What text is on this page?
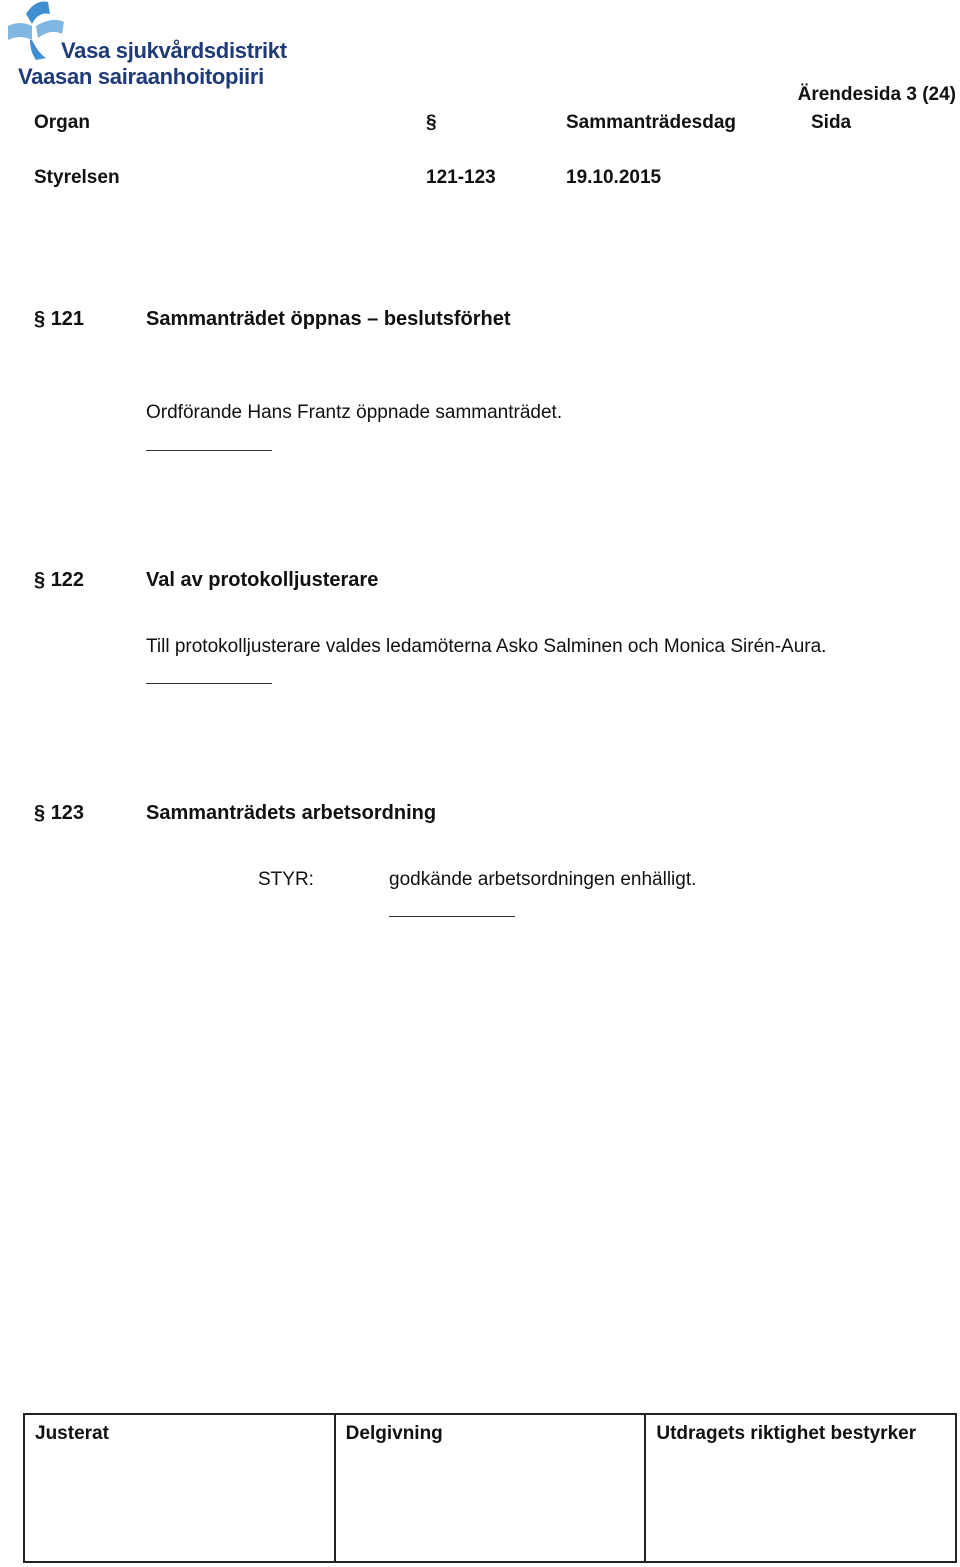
Vasa sjukvårdsdistrikt
Vaasan sairaanhoitopiiri
Ärendesida 3 (24)
Organ	§	Sammanträdesdag	Sida
Styrelsen	121-123	19.10.2015
§ 121	Sammanträdet öppnas – beslutsförhet
Ordförande Hans Frantz öppnade sammanträdet.
§ 122	Val av protokolljusterare
Till protokolljusterare valdes ledamöterna Asko Salminen och Monica Sirén-Aura.
§ 123	Sammanträdets arbetsordning
STYR:	godkände arbetsordningen enhälligt.
Justerat	Delgivning	Utdragets riktighet bestyrker
